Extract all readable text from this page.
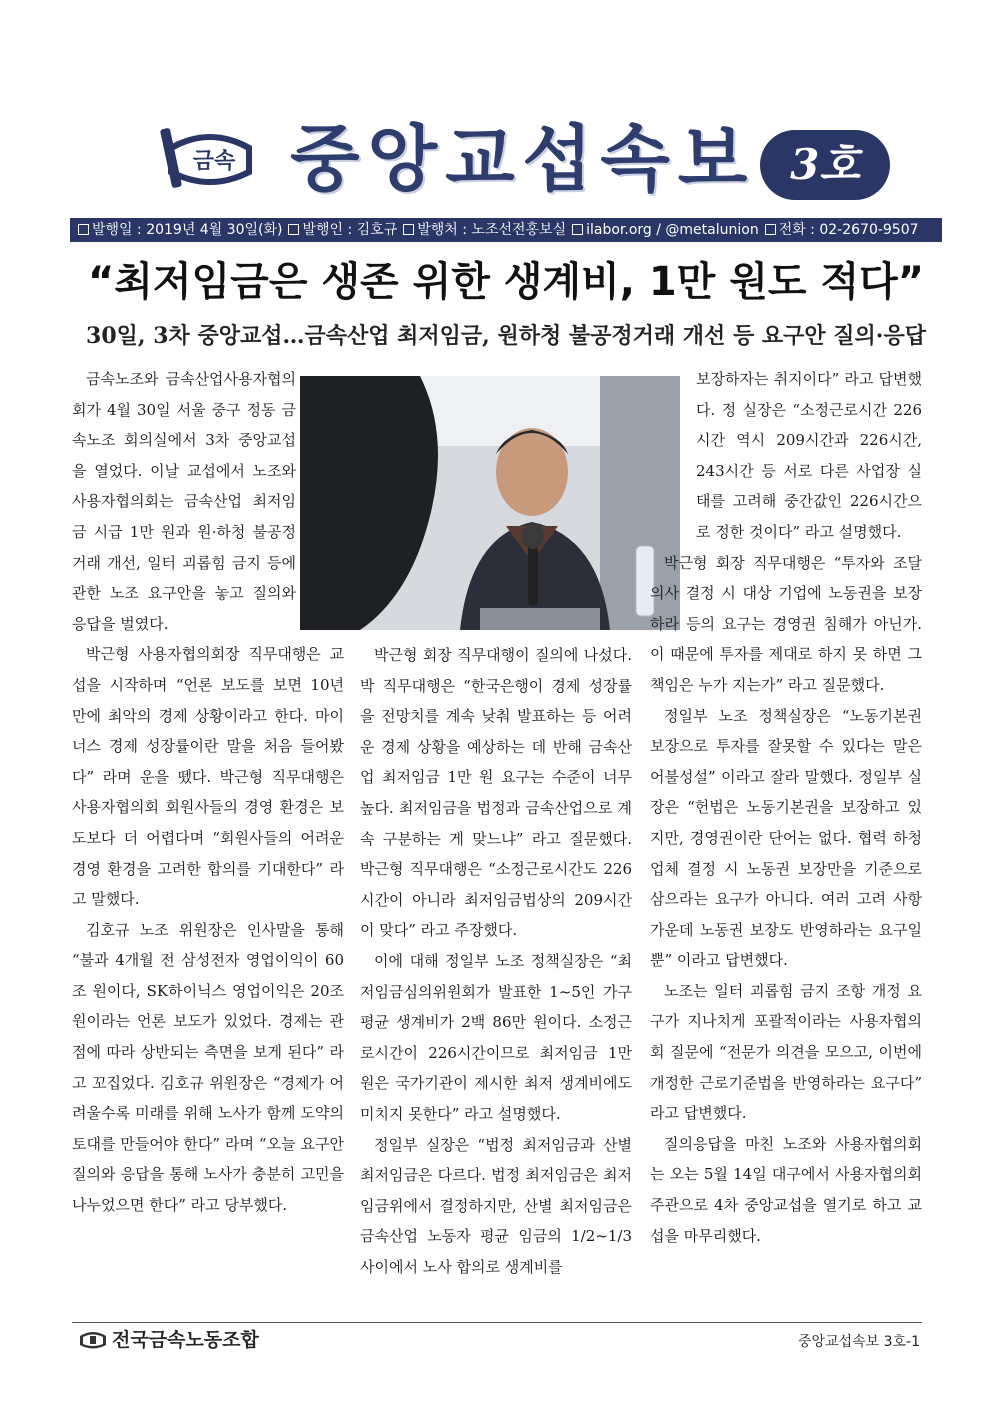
금속 중앙교섭속보 3호
발행일 : 2019년 4월 30일(화)	발행인 : 김호규	발행처 : 노조선전홍보실	ilabor.org / @metalunion	전화 : 02-2670-9507
“최저임금은 생존 위한 생계비, 1만 원도 적다”
30일, 3차 중앙교섭…금속산업 최저임금, 원하청 불공정거래 개선 등 요구안 질의·응답

금속노조와 금속산업사용자협의회가 4월 30일 서울 중구 정동 금속노조 회의실에서 3차 중앙교섭을 열었다. 이날 교섭에서 노조와 사용자협의회는 금속산업 최저임금 시급 1만 원과 원·하청 불공정거래 개선, 일터 괴롭힘 금지 등에 관한 노조 요구안을 놓고 질의와 응답을 벌였다.

박근형 사용자협의회장 직무대행은 교섭을 시작하며 “언론 보도를 보면 10년 만에 최악의 경제 상황이라고 한다. 마이너스 경제 성장률이란 말을 처음 들어봤다” 라며 운을 뗐다. 박근형 직무대행은 사용자협의회 회원사들의 경영 환경은 보도보다 더 어렵다며 “회원사들의 어려운 경영 환경을 고려한 합의를 기대한다” 라고 말했다.

김호규 노조 위원장은 인사말을 통해 “불과 4개월 전 삼성전자 영업이익이 60조 원이다, SK하이닉스 영업이익은 20조 원이라는 언론 보도가 있었다. 경제는 관점에 따라 상반되는 측면을 보게 된다” 라고 꼬집었다. 김호규 위원장은 “경제가 어려울수록 미래를 위해 노사가 함께 도약의 토대를 만들어야 한다” 라며 “오늘 요구안 질의와 응답을 통해 노사가 충분히 고민을 나누었으면 한다” 라고 당부했다.

박근형 회장 직무대행이 질의에 나섰다. 박 직무대행은 “한국은행이 경제 성장률을 전망치를 계속 낮춰 발표하는 등 어려운 경제 상황을 예상하는 데 반해 금속산업 최저임금 1만 원 요구는 수준이 너무 높다. 최저임금을 법정과 금속산업으로 계속 구분하는 게 맞느냐” 라고 질문했다. 박근형 직무대행은 “소정근로시간도 226시간이 아니라 최저임금법상의 209시간이 맞다” 라고 주장했다.

이에 대해 정일부 노조 정책실장은 “최저임금심의위원회가 발표한 1~5인 가구 평균 생계비가 2백 86만 원이다. 소정근로시간이 226시간이므로 최저임금 1만 원은 국가기관이 제시한 최저 생계비에도 미치지 못한다” 라고 설명했다.

정일부 실장은 “법정 최저임금과 산별 최저임금은 다르다. 법정 최저임금은 최저임금위에서 결정하지만, 산별 최저임금은 금속산업 노동자 평균 임금의 1/2~1/3 사이에서 노사 합의로 생계비를

보장하자는 취지이다” 라고 답변했다. 정 실장은 “소정근로시간 226시간 역시 209시간과 226시간, 243시간 등 서로 다른 사업장 실태를 고려해 중간값인 226시간으로 정한 것이다” 라고 설명했다.

박근형 회장 직무대행은 “투자와 조달 의사 결정 시 대상 기업에 노동권을 보장하라 등의 요구는 경영권 침해가 아닌가. 이 때문에 투자를 제대로 하지 못 하면 그 책임은 누가 지는가” 라고 질문했다.

정일부 노조 정책실장은 “노동기본권 보장으로 투자를 잘못할 수 있다는 말은 어불성설” 이라고 잘라 말했다. 정일부 실장은 “헌법은 노동기본권을 보장하고 있지만, 경영권이란 단어는 없다. 협력 하청업체 결정 시 노동권 보장만을 기준으로 삼으라는 요구가 아니다. 여러 고려 사항 가운데 노동권 보장도 반영하라는 요구일뿐” 이라고 답변했다.

노조는 일터 괴롭힘 금지 조항 개정 요구가 지나치게 포괄적이라는 사용자협의회 질문에 “전문가 의견을 모으고, 이번에 개정한 근로기준법을 반영하라는 요구다” 라고 답변했다.

질의응답을 마친 노조와 사용자협의회는 오는 5월 14일 대구에서 사용자협의회 주관으로 4차 중앙교섭을 열기로 하고 교섭을 마무리했다.

전국금속노동조합	중앙교섭속보 3호-1
